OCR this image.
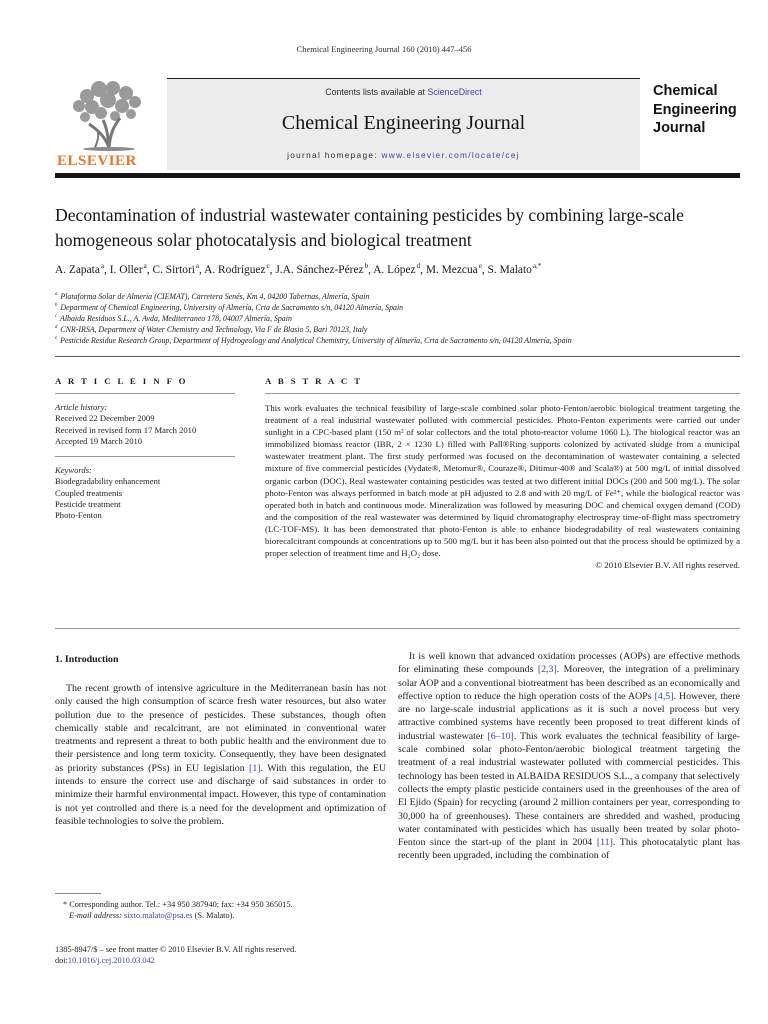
Chemical Engineering Journal 160 (2010) 447–456
ELSEVIER
Contents lists available at ScienceDirect
Chemical Engineering Journal
journal homepage: www.elsevier.com/locate/cej
Chemical
Engineering
Journal
Decontamination of industrial wastewater containing pesticides by combining large-scale homogeneous solar photocatalysis and biological treatment
A. Zapata$^a$, I. Oller$^a$, C. Sirtori$^a$, A. Rodríguez$^c$, J.A. Sánchez-Pérez$^b$, A. López$^d$, M. Mezcua$^e$, S. Malato$^{a,*}$
$^a$ Plataforma Solar de Almería (CIEMAT), Carretera Senés, Km 4, 04200 Tabernas, Almería, Spain
$^b$ Department of Chemical Engineering, University of Almería, Crta de Sacramento s/n, 04120 Almería, Spain
$^c$ Albaida Residuos S.L., A. Avda, Mediterraneo 178, 04007 Almería, Spain
$^d$ CNR-IRSA, Department of Water Chemistry and Technology, Via F de Blasio 5, Bari 70123, Italy
$^e$ Pesticide Residue Research Group, Department of Hydrogeology and Analytical Chemistry, University of Almería, Crta de Sacramento s/n, 04120 Almería, Spain
A R T I C L E I N F O
Article history:
Received 22 December 2009
Received in revised form 17 March 2010
Accepted 19 March 2010
Keywords:
Biodegradability enhancement
Coupled treatments
Pesticide treatment
Photo-Fenton
A B S T R A C T
This work evaluates the technical feasibility of large-scale combined solar photo-Fenton/aerobic biological treatment targeting the treatment of a real industrial wastewater polluted with commercial pesticides. Photo-Fenton experiments were carried out under sunlight in a CPC-based plant (150 m² of solar collectors and the total photo-reactor volume 1060 L). The biological reactor was an immobilized biomass reactor (IBR, 2 × 1230 L) filled with Pall®Ring supports colonized by activated sludge from a municipal wastewater treatment plant. The first study performed was focused on the decontamination of wastewater containing a selected mixture of five commercial pesticides (Vydate®, Metomur®, Couraze®, Ditimur-40® and Scala®) at 500 mg/L of initial dissolved organic carbon (DOC). Real wastewater containing pesticides was tested at two different initial DOCs (200 and 500 mg/L). The solar photo-Fenton was always performed in batch mode at pH adjusted to 2.8 and with 20 mg/L of Fe²⁺, while the biological reactor was operated both in batch and continuous mode. Mineralization was followed by measuring DOC and chemical oxygen demand (COD) and the composition of the real wastewater was determined by liquid chromatography electrospray time-of-flight mass spectrometry (LC-TOF-MS). It has been demonstrated that photo-Fenton is able to enhance biodegradability of real wastewaters containing biorecalcitrant compounds at concentrations up to 500 mg/L but it has been also pointed out that the process should be optimized by a proper selection of treatment time and H₂O₂ dose.
© 2010 Elsevier B.V. All rights reserved.
1. Introduction
The recent growth of intensive agriculture in the Mediterranean basin has not only caused the high consumption of scarce fresh water resources, but also water pollution due to the presence of pesticides. These substances, though often chemically stable and recalcitrant, are not eliminated in conventional water treatments and represent a threat to both public health and the environment due to their persistence and long term toxicity. Consequently, they have been designated as priority substances (PSs) in EU legislation [1]. With this regulation, the EU intends to ensure the correct use and discharge of said substances in order to minimize their harmful environmental impact. However, this type of contamination is not yet controlled and there is a need for the development and optimization of feasible technologies to solve the problem.
It is well known that advanced oxidation processes (AOPs) are effective methods for eliminating these compounds [2,3]. Moreover, the integration of a preliminary solar AOP and a conventional biotreatment has been described as an economically and effective option to reduce the high operation costs of the AOPs [4,5]. However, there are no large-scale industrial applications as it is such a novel process but very attractive combined systems have recently been proposed to treat different kinds of industrial wastewater [6–10]. This work evaluates the technical feasibility of large-scale combined solar photo-Fenton/aerobic biological treatment targeting the treatment of a real industrial wastewater polluted with commercial pesticides. This technology has been tested in ALBAIDA RESIDUOS S.L., a company that selectively collects the empty plastic pesticide containers used in the greenhouses of the area of El Ejido (Spain) for recycling (around 2 million containers per year, corresponding to 30,000 ha of greenhouses). These containers are shredded and washed, producing water contaminated with pesticides which has usually been treated by solar photo-Fenton since the start-up of the plant in 2004 [11]. This photocatalytic plant has recently been upgraded, including the combination of
* Corresponding author. Tel.: +34 950 387940; fax: +34 950 365015.
E-mail address: sixto.malato@psa.es (S. Malato).
1385-8947/$ – see front matter © 2010 Elsevier B.V. All rights reserved.
doi:10.1016/j.cej.2010.03.042
